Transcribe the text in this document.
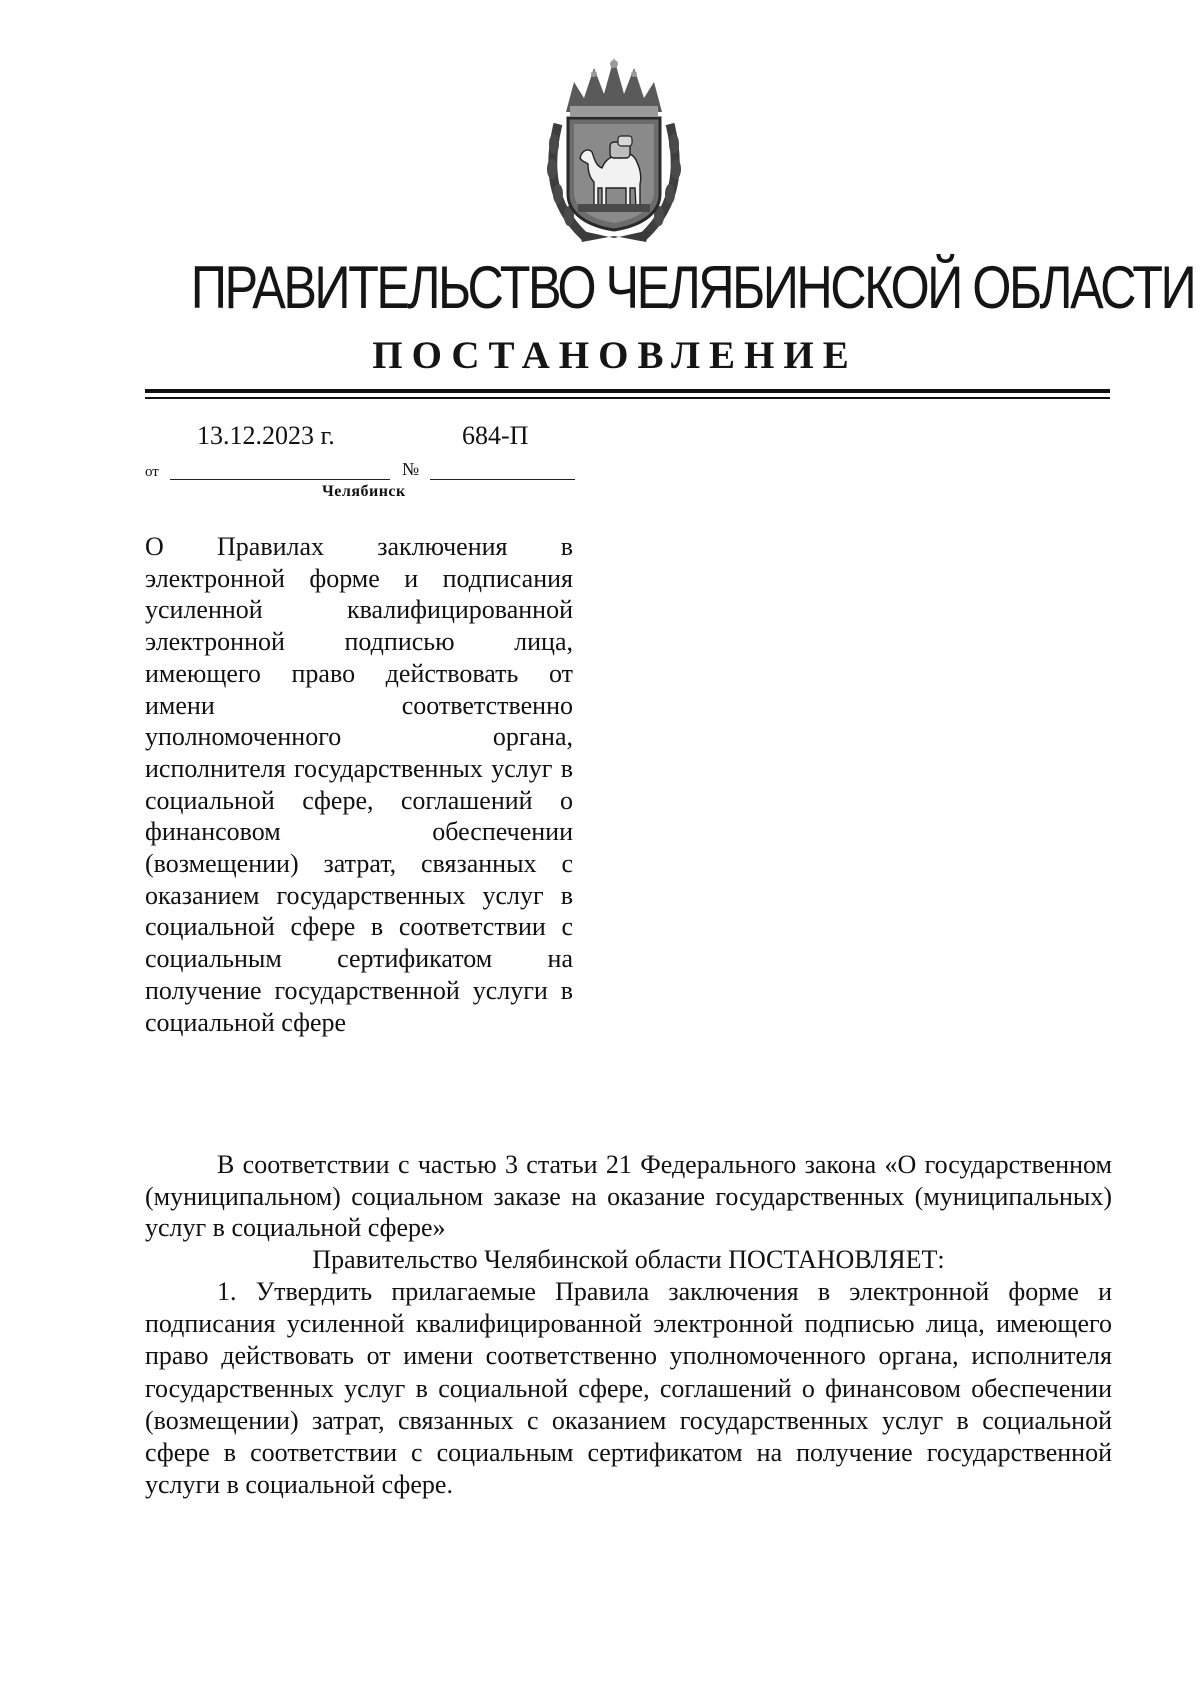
ПРАВИТЕЛЬСТВО ЧЕЛЯБИНСКОЙ ОБЛАСТИ
ПОСТАНОВЛЕНИЕ
13.12.2023 г.	684-П
от	№
Челябинск
О Правилах заключения в электронной форме и подписания усиленной квалифицированной электронной подписью лица, имеющего право действовать от имени соответственно уполномоченного органа, исполнителя государственных услуг в социальной сфере, соглашений о финансовом обеспечении (возмещении) затрат, связанных с оказанием государственных услуг в социальной сфере в соответствии с социальным сертификатом на получение государственной услуги в социальной сфере

В соответствии с частью 3 статьи 21 Федерального закона «О государственном (муниципальном) социальном заказе на оказание государственных (муниципальных) услуг в социальной сфере»

Правительство Челябинской области ПОСТАНОВЛЯЕТ:

1. Утвердить прилагаемые Правила заключения в электронной форме и подписания усиленной квалифицированной электронной подписью лица, имеющего право действовать от имени соответственно уполномоченного органа, исполнителя государственных услуг в социальной сфере, соглашений о финансовом обеспечении (возмещении) затрат, связанных с оказанием государственных услуг в социальной сфере в соответствии с социальным сертификатом на получение государственной услуги в социальной сфере.
